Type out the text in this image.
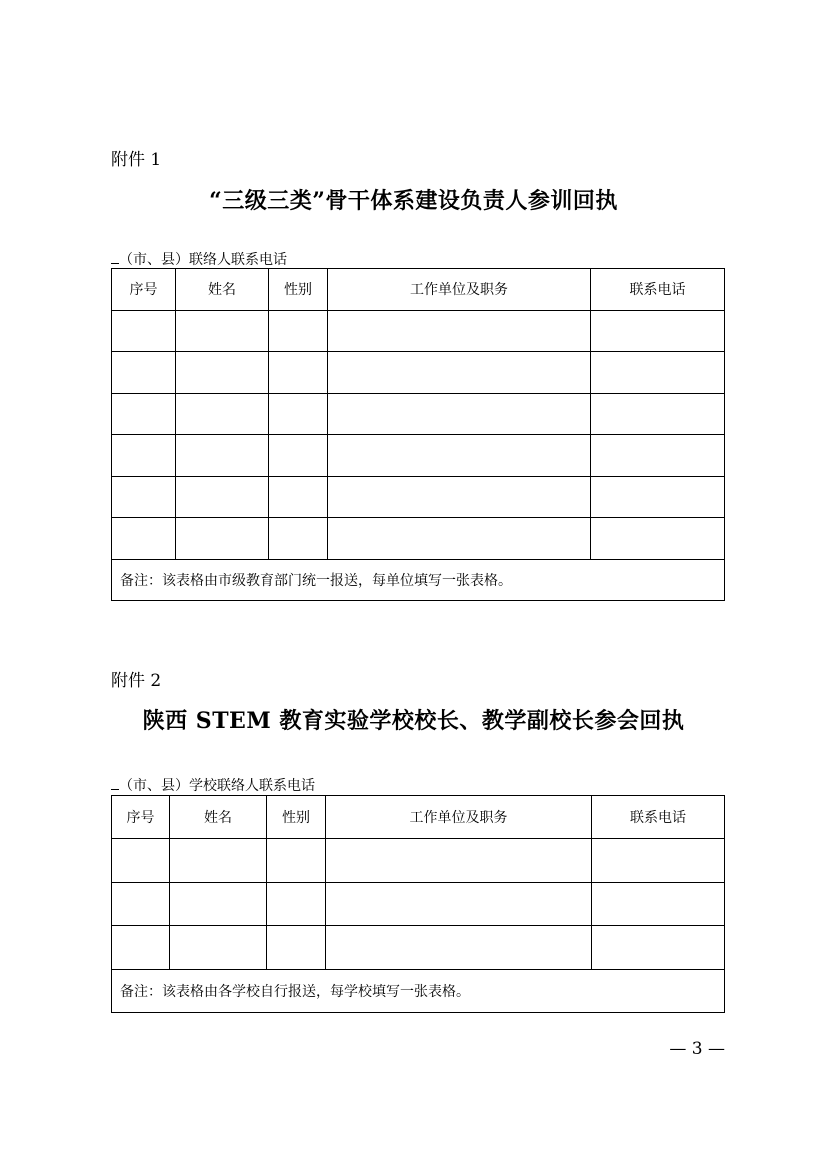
附件 1
“三级三类”骨干体系建设负责人参训回执
（市、县）联络人联系电话
序号	姓名	性别	工作单位及职务	联系电话

备注：该表格由市级教育部门统一报送，每单位填写一张表格。				
附件 2
陕西 STEM 教育实验学校校长、教学副校长参会回执
（市、县）学校联络人联系电话
序号	姓名	性别	工作单位及职务	联系电话

备注：该表格由各学校自行报送，每学校填写一张表格。				
— 3 —
